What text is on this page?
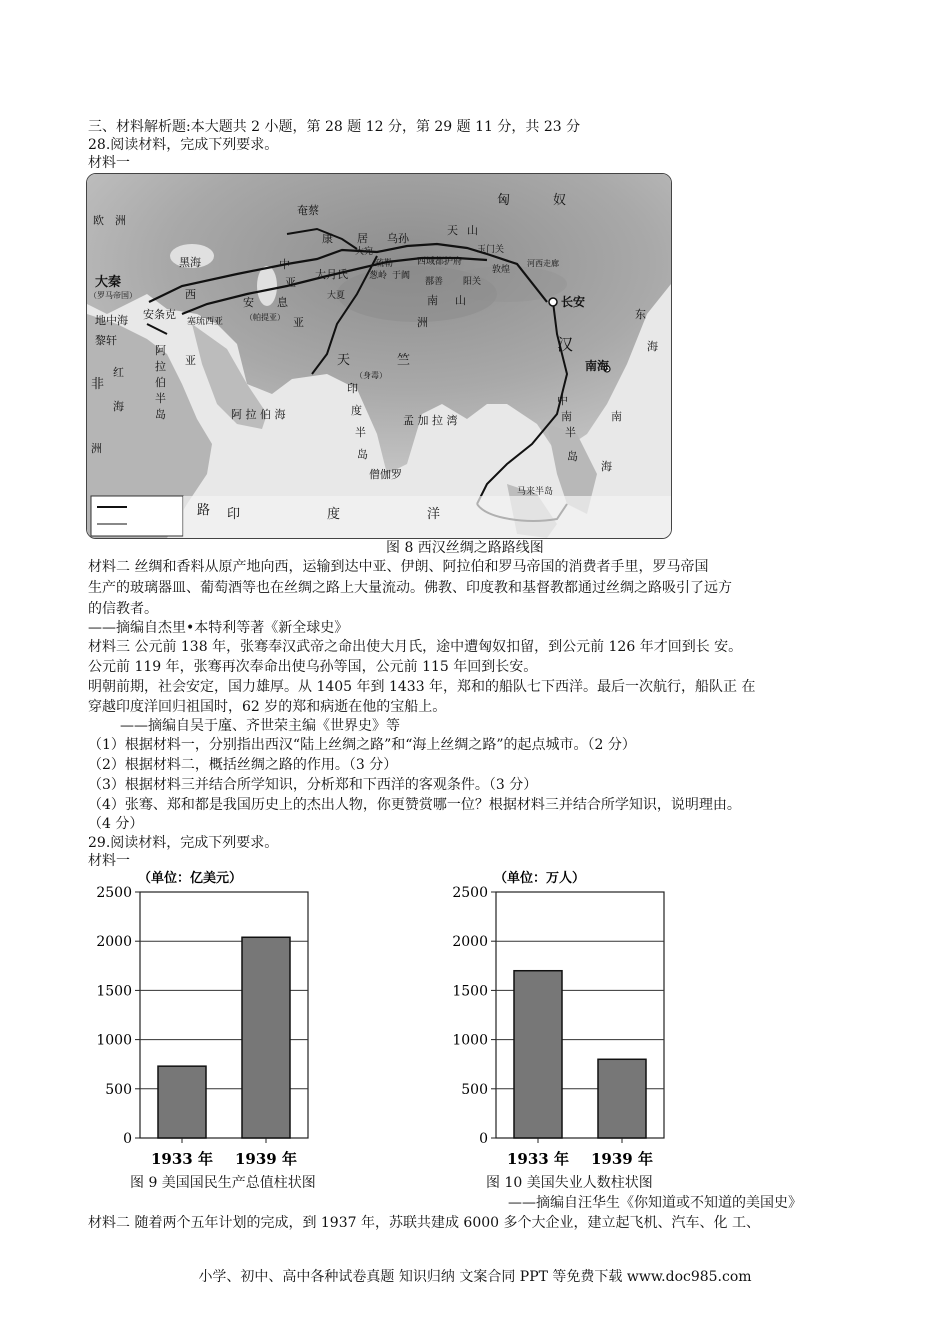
三、材料解析题:本大题共 2 小题，第 28 题 12 分，第 29 题 11 分，共 23 分
28.阅读材料，完成下列要求。
材料一
欧 洲
大秦
（罗马帝国）
地中海
黎轩
安条克
黑海
匈	奴
奄蔡
康 居 乌孙
天 山
大宛
疏勒	西域都护府
玉门关
阳关
敦煌
河西走廊
长安
大月氏
大夏
葱岭 于阗
鄯善
南 山
中
亚
西
安 息
（帕提亚）
塞琉西亚	亚	洲
亚
阿
拉
伯
半
岛
红
海
非
洲
天	竺
（身毒）
印
度
半
岛
阿 拉 伯 海	孟 加 拉 湾
僧伽罗
汉
南海
中
南
半
岛
南
海
东
海
马来半岛
路 印	度	洋
图 8 西汉丝绸之路路线图
材料二 丝绸和香料从原产地向西，运输到达中亚、伊朗、阿拉伯和罗马帝国的消费者手里，罗马帝国
生产的玻璃器皿、葡萄酒等也在丝绸之路上大量流动。佛教、印度教和基督教都通过丝绸之路吸引了远方
的信教者。
——摘编自杰里•本特利等著《新全球史》
材料三 公元前 138 年，张骞奉汉武帝之命出使大月氏，途中遭匈奴扣留，到公元前 126 年才回到长 安。
公元前 119 年，张骞再次奉命出使乌孙等国，公元前 115 年回到长安。
明朝前期，社会安定，国力雄厚。从 1405 年到 1433 年，郑和的船队七下西洋。最后一次航行，船队正 在
穿越印度洋回归祖国时，62 岁的郑和病逝在他的宝船上。
——摘编自吴于廑、齐世荣主编《世界史》等
（1）根据材料一，分别指出西汉“陆上丝绸之路”和“海上丝绸之路”的起点城市。（2 分）
（2）根据材料二，概括丝绸之路的作用。（3 分）
（3）根据材料三并结合所学知识，分析郑和下西洋的客观条件。（3 分）
（4）张骞、郑和都是我国历史上的杰出人物，你更赞赏哪一位？根据材料三并结合所学知识，说明理由。
（4 分）
29.阅读材料，完成下列要求。
材料一
（单位：亿美元）
0
500
1000
1500
2000
2500
1933 年 1939 年
（单位：万人）
0
500
1000
1500
2000
2500
1933 年 1939 年
图 9 美国国民生产总值柱状图	图 10 美国失业人数柱状图
——摘编自汪华生《你知道或不知道的美国史》
材料二 随着两个五年计划的完成，到 1937 年，苏联共建成 6000 多个大企业，建立起飞机、汽车、化 工、
小学、初中、高中各种试卷真题 知识归纳 文案合同 PPT 等免费下载 www.doc985.com
